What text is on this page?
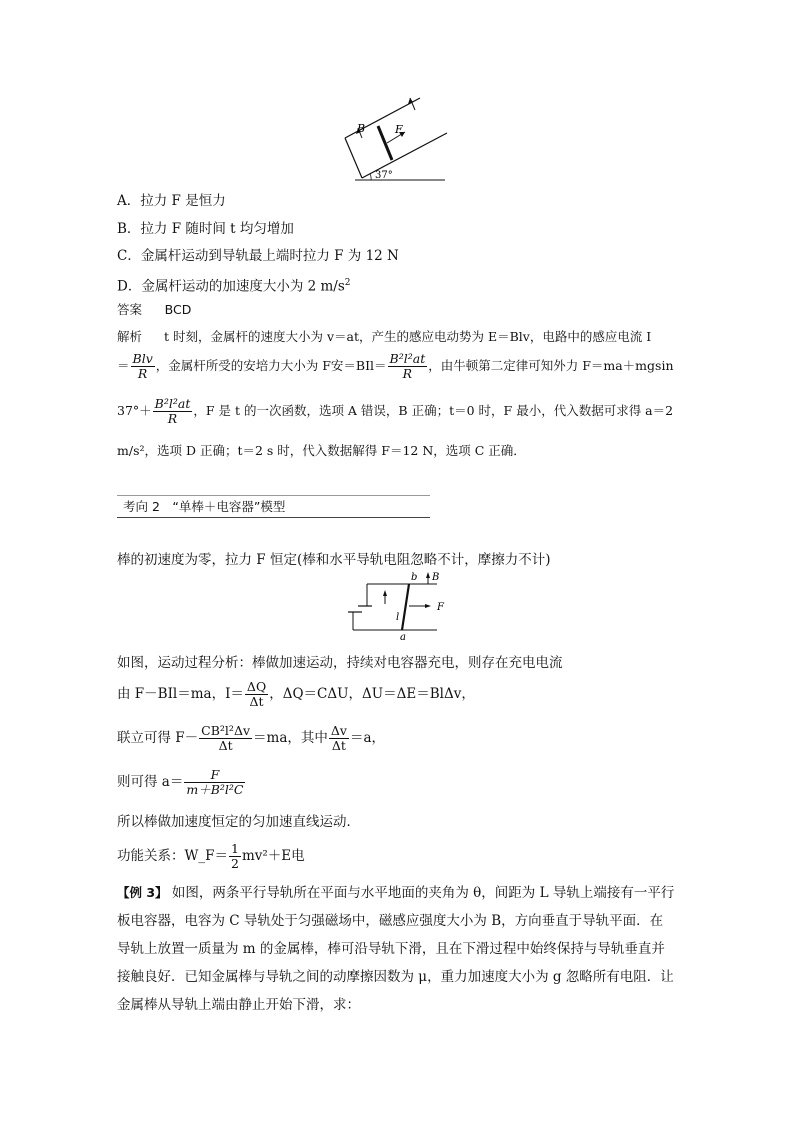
B	F
37°
A．拉力 F 是恒力
B．拉力 F 随时间 t 均匀增加
C．金属杆运动到导轨最上端时拉力 F 为 12 N
D．金属杆运动的加速度大小为 2 $m/s^2$
答案 BCD
解析 t 时刻，金属杆的速度大小为 v＝at，产生的感应电动势为 E＝Blv，电路中的感应电流 I
＝ $\frac{\text{Blv}}{R}$ ，金属杆所受的安培力大小为 F安$=BIl= \frac{\text{B²l²at}}{R}$ ，由牛顿第二定律可知外力 F＝ma＋mgsin
$37^\circ+ \frac{\text{B²l²at}}{R}$ ，F 是 t 的一次函数，选项 A 错误，B 正确；t＝0 时，F 最小，代入数据可求得 a＝2
m/s²，选项 D 正确；t＝2 s 时，代入数据解得 F＝12 N，选项 C 正确．
考向 2　“单棒＋电容器”模型
棒的初速度为零，拉力 F 恒定(棒和水平导轨电阻忽略不计，摩擦力不计)
b B
l
F
a
如图，运动过程分析：棒做加速运动，持续对电容器充电，则存在充电电流
由 F－BIl＝ma，$I= \frac{\Delta Q}{\Delta t}$ ，ΔQ＝CΔU，ΔU＝ΔE＝BlΔv，
联立可得 $F- \frac{\text{CB²l²Δv}}{\Delta t} =ma$，其中 $\frac{\Delta v}{\Delta t} =a$，
则可得 $a= \frac{F}{\text{m＋B²l²C}}$
所以棒做加速度恒定的匀加速直线运动．
功能关系：W_F＝ $\frac{1}{2} mv^2+E$电
【例 3】 如图，两条平行导轨所在平面与水平地面的夹角为 θ，间距为 L 导轨上端接有一平行
板电容器，电容为 C 导轨处于匀强磁场中，磁感应强度大小为 B，方向垂直于导轨平面．在
导轨上放置一质量为 m 的金属棒，棒可沿导轨下滑，且在下滑过程中始终保持与导轨垂直并
接触良好．已知金属棒与导轨之间的动摩擦因数为 μ，重力加速度大小为 g 忽略所有电阻．让
金属棒从导轨上端由静止开始下滑，求：
